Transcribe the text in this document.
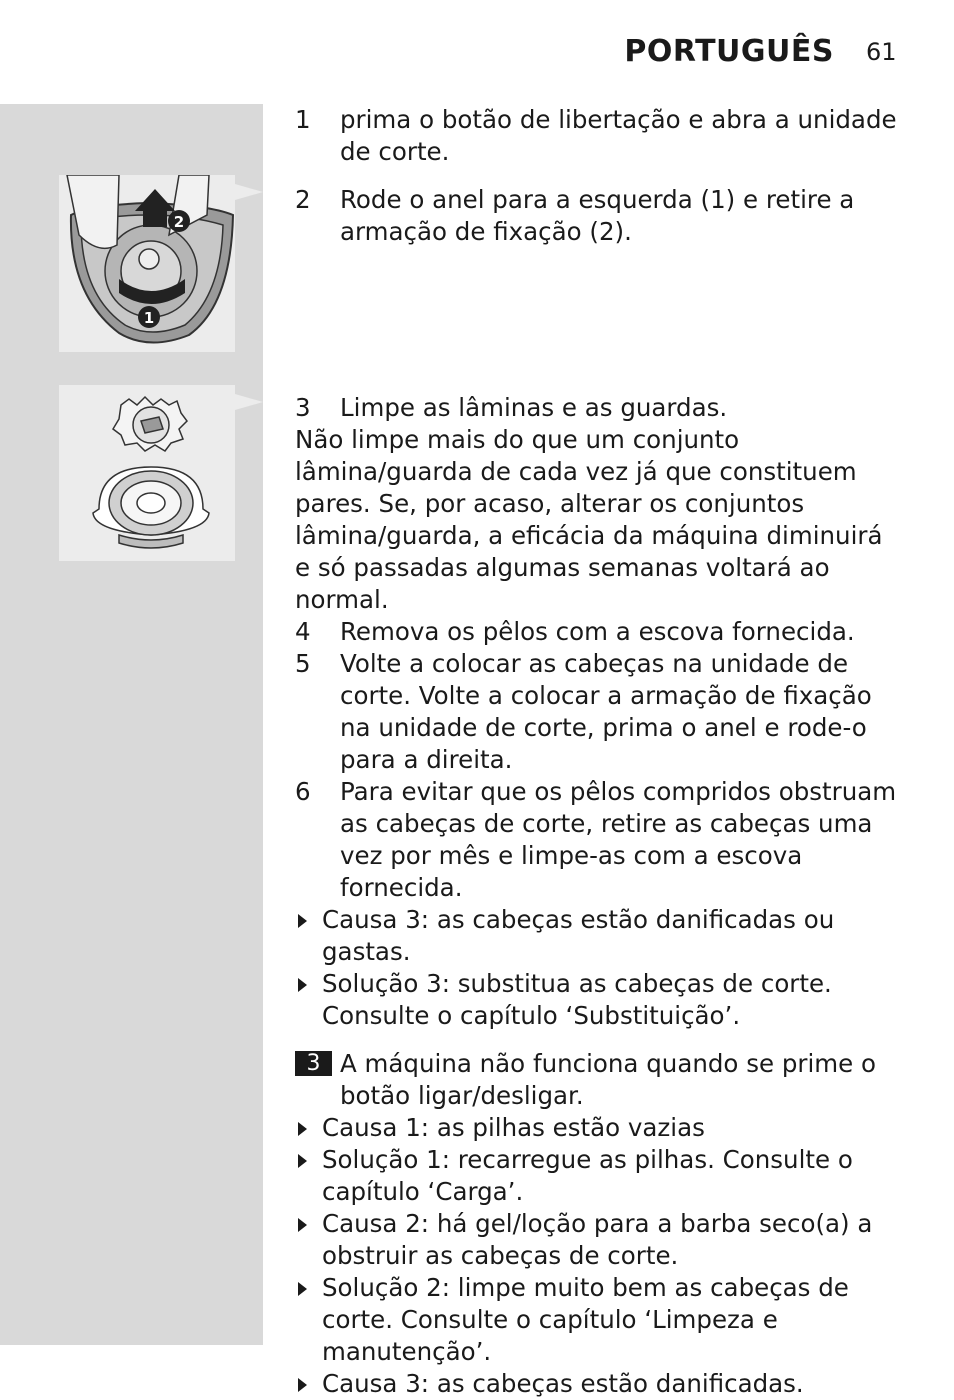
PORTUGUÊS 61
2
1
1 prima o botão de libertação e abra a unidade de corte.
2 Rode o anel para a esquerda (1) e retire a armação de fixação (2).
3 Limpe as lâminas e as guardas.
Não limpe mais do que um conjunto lâmina/guarda de cada vez já que constituem pares. Se, por acaso, alterar os conjuntos lâmina/guarda, a eficácia da máquina diminuirá e só passadas algumas semanas voltará ao normal.
4 Remova os pêlos com a escova fornecida.
5 Volte a colocar as cabeças na unidade de corte. Volte a colocar a armação de fixação na unidade de corte, prima o anel e rode-o para a direita.
6 Para evitar que os pêlos compridos obstruam as cabeças de corte, retire as cabeças uma vez por mês e limpe-as com a escova fornecida.
Causa 3: as cabeças estão danificadas ou gastas.
Solução 3: substitua as cabeças de corte. Consulte o capítulo ‘Substituição’.
3 A máquina não funciona quando se prime o botão ligar/desligar.
Causa 1: as pilhas estão vazias
Solução 1: recarregue as pilhas. Consulte o capítulo ‘Carga’.
Causa 2: há gel/loção para a barba seco(a) a obstruir as cabeças de corte.
Solução 2: limpe muito bem as cabeças de corte. Consulte o capítulo ‘Limpeza e manutenção’.
Causa 3: as cabeças estão danificadas.
